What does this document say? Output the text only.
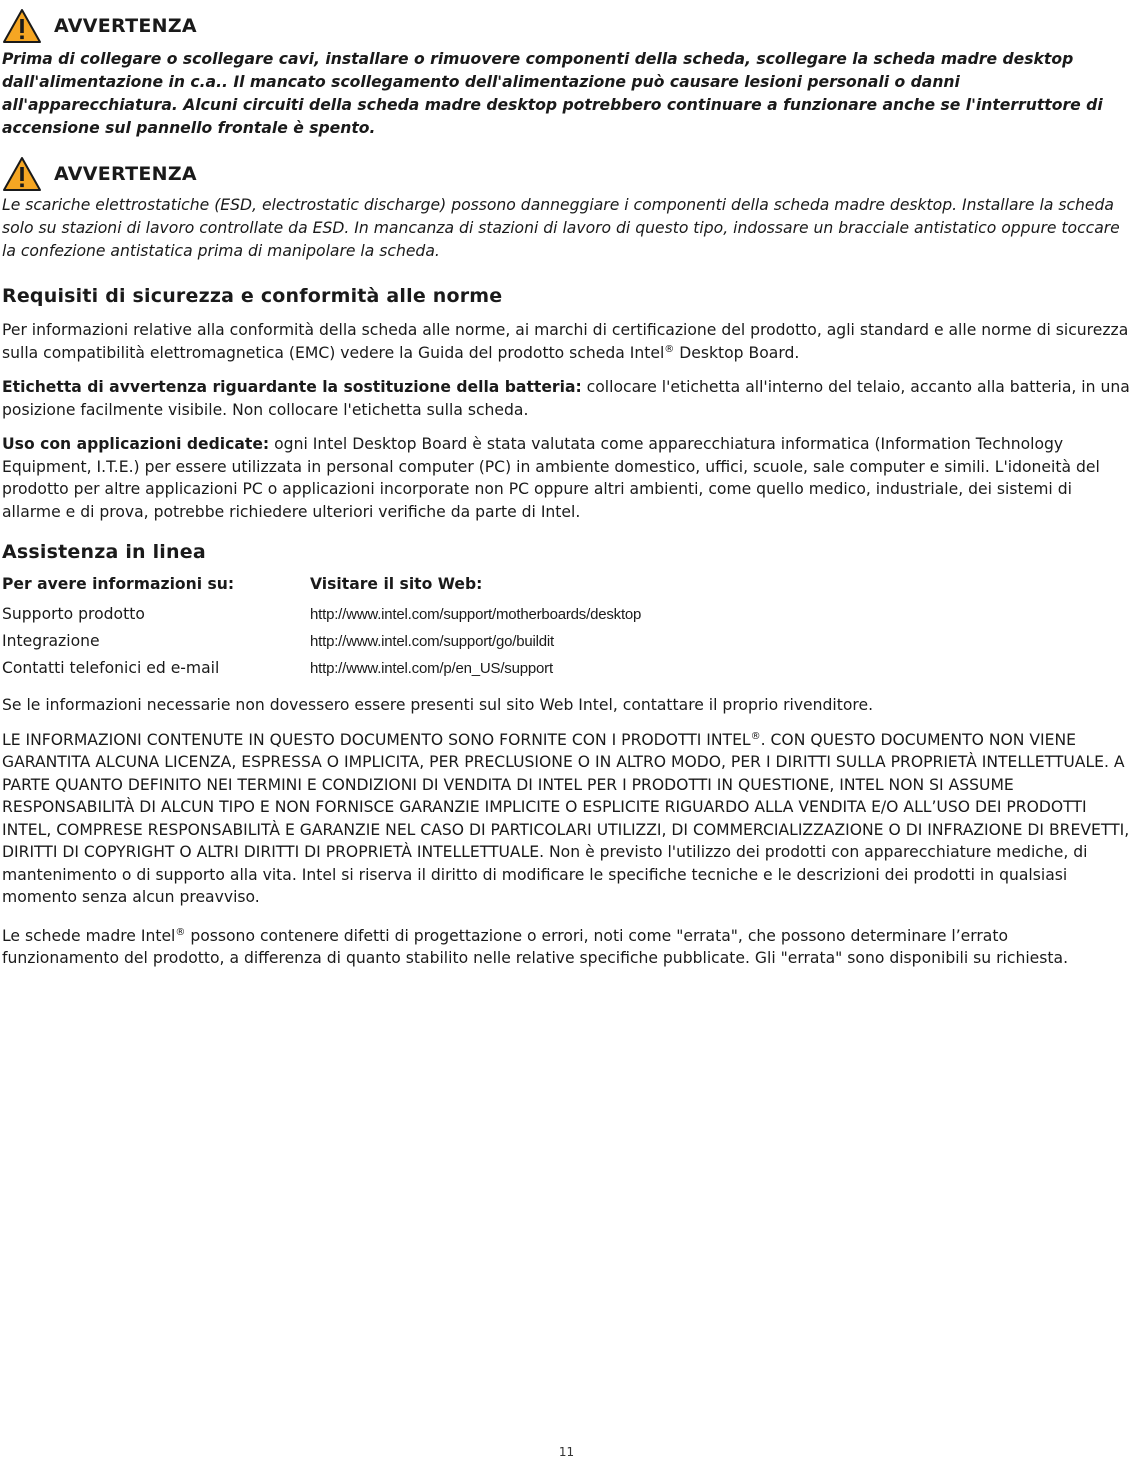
AVVERTENZA

Prima di collegare o scollegare cavi, installare o rimuovere componenti della scheda, scollegare la scheda madre desktop dall'alimentazione in c.a.. Il mancato scollegamento dell'alimentazione può causare lesioni personali o danni all'apparecchiatura. Alcuni circuiti della scheda madre desktop potrebbero continuare a funzionare anche se l'interruttore di accensione sul pannello frontale è spento.

AVVERTENZA

Le scariche elettrostatiche (ESD, electrostatic discharge) possono danneggiare i componenti della scheda madre desktop. Installare la scheda solo su stazioni di lavoro controllate da ESD. In mancanza di stazioni di lavoro di questo tipo, indossare un bracciale antistatico oppure toccare la confezione antistatica prima di manipolare la scheda.

Requisiti di sicurezza e conformità alle norme

Per informazioni relative alla conformità della scheda alle norme, ai marchi di certificazione del prodotto, agli standard e alle norme di sicurezza sulla compatibilità elettromagnetica (EMC) vedere la Guida del prodotto scheda Intel® Desktop Board.

Etichetta di avvertenza riguardante la sostituzione della batteria: collocare l'etichetta all'interno del telaio, accanto alla batteria, in una posizione facilmente visibile. Non collocare l'etichetta sulla scheda.

Uso con applicazioni dedicate: ogni Intel Desktop Board è stata valutata come apparecchiatura informatica (Information Technology Equipment, I.T.E.) per essere utilizzata in personal computer (PC) in ambiente domestico, uffici, scuole, sale computer e simili. L'idoneità del prodotto per altre applicazioni PC o applicazioni incorporate non PC oppure altri ambienti, come quello medico, industriale, dei sistemi di allarme e di prova, potrebbe richiedere ulteriori verifiche da parte di Intel.

Assistenza in linea
Per avere informazioni su:	Visitare il sito Web:
Supporto prodotto	http://www.intel.com/support/motherboards/desktop
Integrazione	http://www.intel.com/support/go/buildit
Contatti telefonici ed e-mail	http://www.intel.com/p/en_US/support

Se le informazioni necessarie non dovessero essere presenti sul sito Web Intel, contattare il proprio rivenditore.

LE INFORMAZIONI CONTENUTE IN QUESTO DOCUMENTO SONO FORNITE CON I PRODOTTI INTEL®. CON QUESTO DOCUMENTO NON VIENE GARANTITA ALCUNA LICENZA, ESPRESSA O IMPLICITA, PER PRECLUSIONE O IN ALTRO MODO, PER I DIRITTI SULLA PROPRIETÀ INTELLETTUALE. A PARTE QUANTO DEFINITO NEI TERMINI E CONDIZIONI DI VENDITA DI INTEL PER I PRODOTTI IN QUESTIONE, INTEL NON SI ASSUME RESPONSABILITÀ DI ALCUN TIPO E NON FORNISCE GARANZIE IMPLICITE O ESPLICITE RIGUARDO ALLA VENDITA E/O ALL’USO DEI PRODOTTI INTEL, COMPRESE RESPONSABILITÀ E GARANZIE NEL CASO DI PARTICOLARI UTILIZZI, DI COMMERCIALIZZAZIONE O DI INFRAZIONE DI BREVETTI, DIRITTI DI COPYRIGHT O ALTRI DIRITTI DI PROPRIETÀ INTELLETTUALE. Non è previsto l'utilizzo dei prodotti con apparecchiature mediche, di mantenimento o di supporto alla vita. Intel si riserva il diritto di modificare le specifiche tecniche e le descrizioni dei prodotti in qualsiasi momento senza alcun preavviso.

Le schede madre Intel® possono contenere difetti di progettazione o errori, noti come "errata", che possono determinare l’errato funzionamento del prodotto, a differenza di quanto stabilito nelle relative specifiche pubblicate. Gli "errata" sono disponibili su richiesta.

11
